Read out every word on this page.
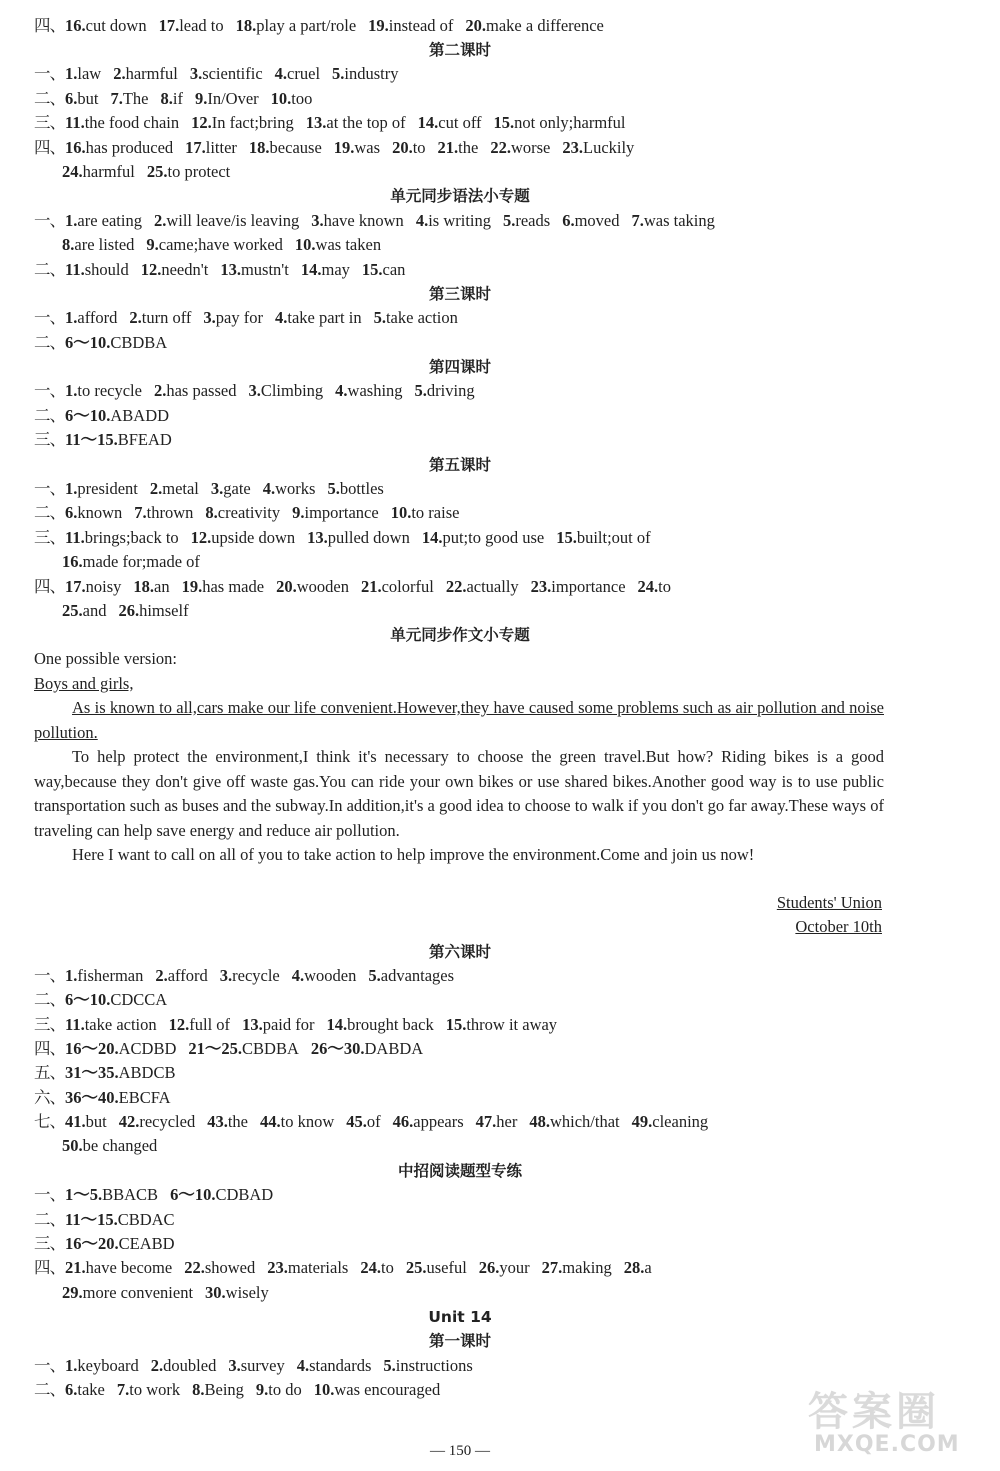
四、16.cut down 17.lead to 18.play a part/role 19.instead of 20.make a difference
第二课时
一、1.law 2.harmful 3.scientific 4.cruel 5.industry
二、6.but 7.The 8.if 9.In/Over 10.too
三、11.the food chain 12.In fact;bring 13.at the top of 14.cut off 15.not only;harmful
四、16.has produced 17.litter 18.because 19.was 20.to 21.the 22.worse 23.Luckily
24.harmful 25.to protect
单元同步语法小专题
一、1.are eating 2.will leave/is leaving 3.have known 4.is writing 5.reads 6.moved 7.was taking
8.are listed 9.came;have worked 10.was taken
二、11.should 12.needn't 13.mustn't 14.may 15.can
第三课时
一、1.afford 2.turn off 3.pay for 4.take part in 5.take action
二、6～10.CBDBA
第四课时
一、1.to recycle 2.has passed 3.Climbing 4.washing 5.driving
二、6～10.ABADD
三、11～15.BFEAD
第五课时
一、1.president 2.metal 3.gate 4.works 5.bottles
二、6.known 7.thrown 8.creativity 9.importance 10.to raise
三、11.brings;back to 12.upside down 13.pulled down 14.put;to good use 15.built;out of
16.made for;made of
四、17.noisy 18.an 19.has made 20.wooden 21.colorful 22.actually 23.importance 24.to
25.and 26.himself
单元同步作文小专题
One possible version:
Boys and girls,
As is known to all,cars make our life convenient.However,they have caused some problems such as air pollution and noise pollution.
To help protect the environment,I think it's necessary to choose the green travel.But how? Riding bikes is a good way,because they don't give off waste gas.You can ride your own bikes or use shared bikes.Another good way is to use public transportation such as buses and the subway.In addition,it's a good idea to choose to walk if you don't go far away.These ways of traveling can help save energy and reduce air pollution.
Here I want to call on all of you to take action to help improve the environment.Come and join us now!
Students' Union
October 10th
第六课时
一、1.fisherman 2.afford 3.recycle 4.wooden 5.advantages
二、6～10.CDCCA
三、11.take action 12.full of 13.paid for 14.brought back 15.throw it away
四、16～20.ACDBD 21～25.CBDBA 26～30.DABDA
五、31～35.ABDCB
六、36～40.EBCFA
七、41.but 42.recycled 43.the 44.to know 45.of 46.appears 47.her 48.which/that 49.cleaning
50.be changed
中招阅读题型专练
一、1～5.BBACB 6～10.CDBAD
二、11～15.CBDAC
三、16～20.CEABD
四、21.have become 22.showed 23.materials 24.to 25.useful 26.your 27.making 28.a
29.more convenient 30.wisely
Unit 14
第一课时
一、1.keyboard 2.doubled 3.survey 4.standards 5.instructions
二、6.take 7.to work 8.Being 9.to do 10.was encouraged
— 150 —
答案圈
MXQE.COM
